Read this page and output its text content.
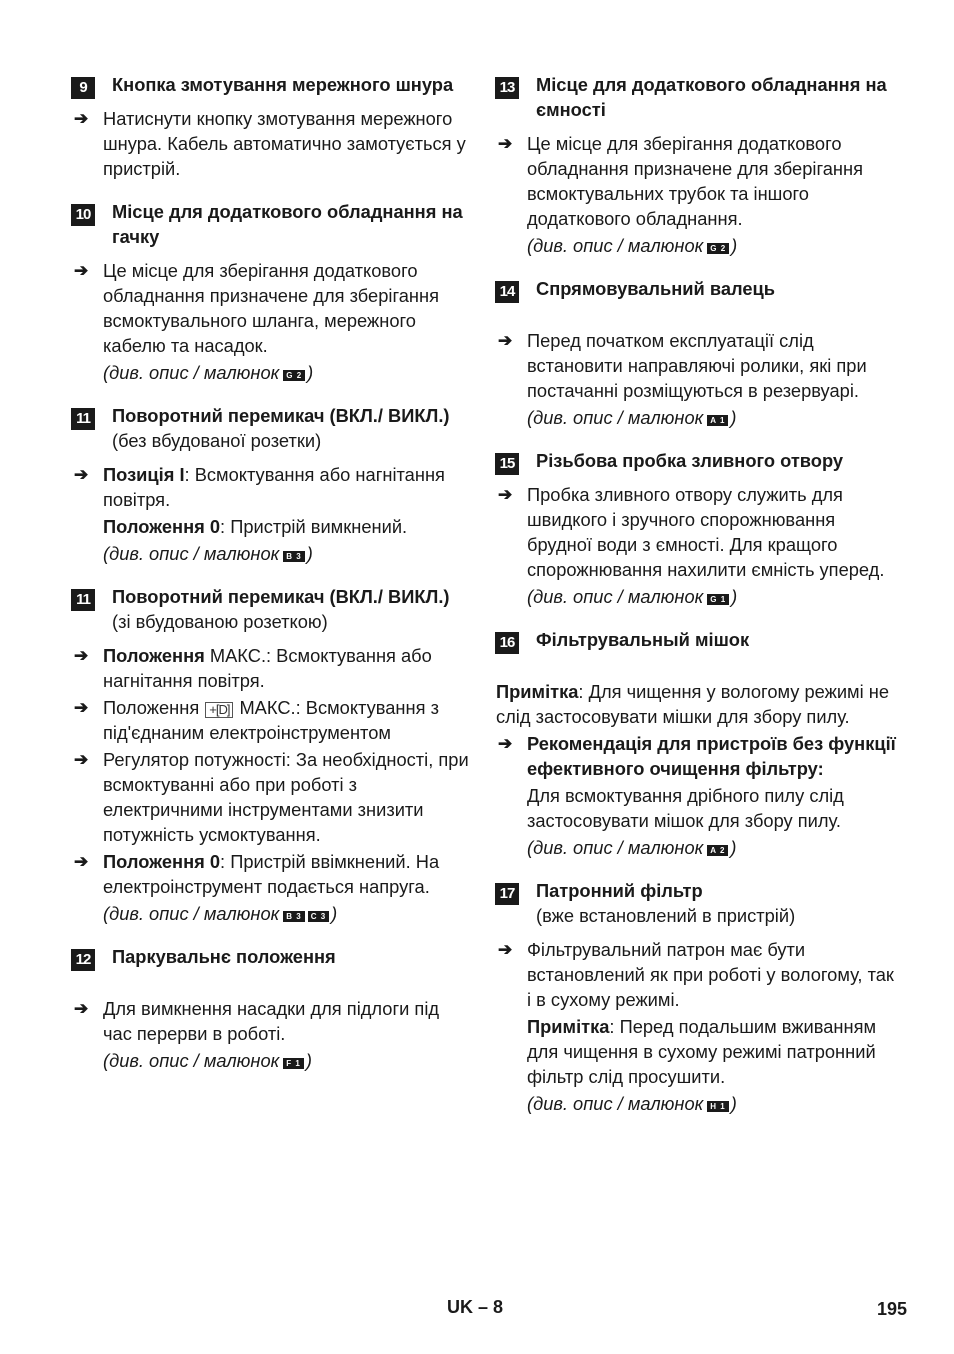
9	Кнопка змотування мережного шнура
➔ Натиснути кнопку змотування мережного шнура. Кабель автоматично замотується у пристрій.
10 Місце для додаткового обладнання на гачку
➔ Це місце для зберігання додаткового обладнання призначене для зберігання всмоктувального шланга, мережного кабелю та насадок.
(див. опис / малюнок G 2 )
11 Поворотний перемикач (ВКЛ./ ВИКЛ.)
(без вбудованої розетки)
➔ Позиція I: Всмоктування або нагнітання повітря.
Положення 0: Пристрій вимкнений.
(див. опис / малюнок B 3 )
11 Поворотний перемикач (ВКЛ./ ВИКЛ.)
(зі вбудованою розеткою)
➔ Положення МАКС.: Всмоктування або нагнітання повітря.
➔ Положення +[D] МАКС.: Всмоктування з під'єднаним електроінструментом
➔ Регулятор потужності: За необхідності, при всмоктуванні або при роботі з електричними інструментами знизити потужність усмоктування.
➔ Положення 0: Пристрій ввімкнений. На електроінструмент подається напруга.
(див. опис / малюнок B 3 C 3 )
12 Паркувальнє положення
➔ Для вимкнення насадки для підлоги під час перерви в роботі.
(див. опис / малюнок F 1 )
13 Місце для додаткового обладнання на ємності
➔ Це місце для зберігання додаткового обладнання призначене для зберігання всмоктувальних трубок та іншого додаткового обладнання.
(див. опис / малюнок G 2 )
14 Спрямовувальний валець
➔ Перед початком експлуатації слід встановити направляючі ролики, які при постачанні розміщуються в резервуарі.
(див. опис / малюнок A 1 )
15 Різьбова пробка зливного отвору
➔ Пробка зливного отвору служить для швидкого і зручного спорожнювання брудної води з ємності. Для кращого спорожнювання нахилити ємність уперед.
(див. опис / малюнок G 1 )
16 Фільтрувальный мішок
Примітка: Для чищення у вологому режимі не слід застосовувати мішки для збору пилу.
➔ Рекомендація для пристроїв без функції ефективного очищення фільтру:
Для всмоктування дрібного пилу слід застосовувати мішок для збору пилу.
(див. опис / малюнок A 2 )
17 Патронний фільтр
(вже встановлений в пристрій)
➔ Фільтрувальний патрон має бути встановлений як при роботі у вологому, так і в сухому режимі.
Примітка: Перед подальшим вживанням для чищення в сухому режимі патронний фільтр слід просушити.
(див. опис / малюнок H 1 )
UK – 8	195
